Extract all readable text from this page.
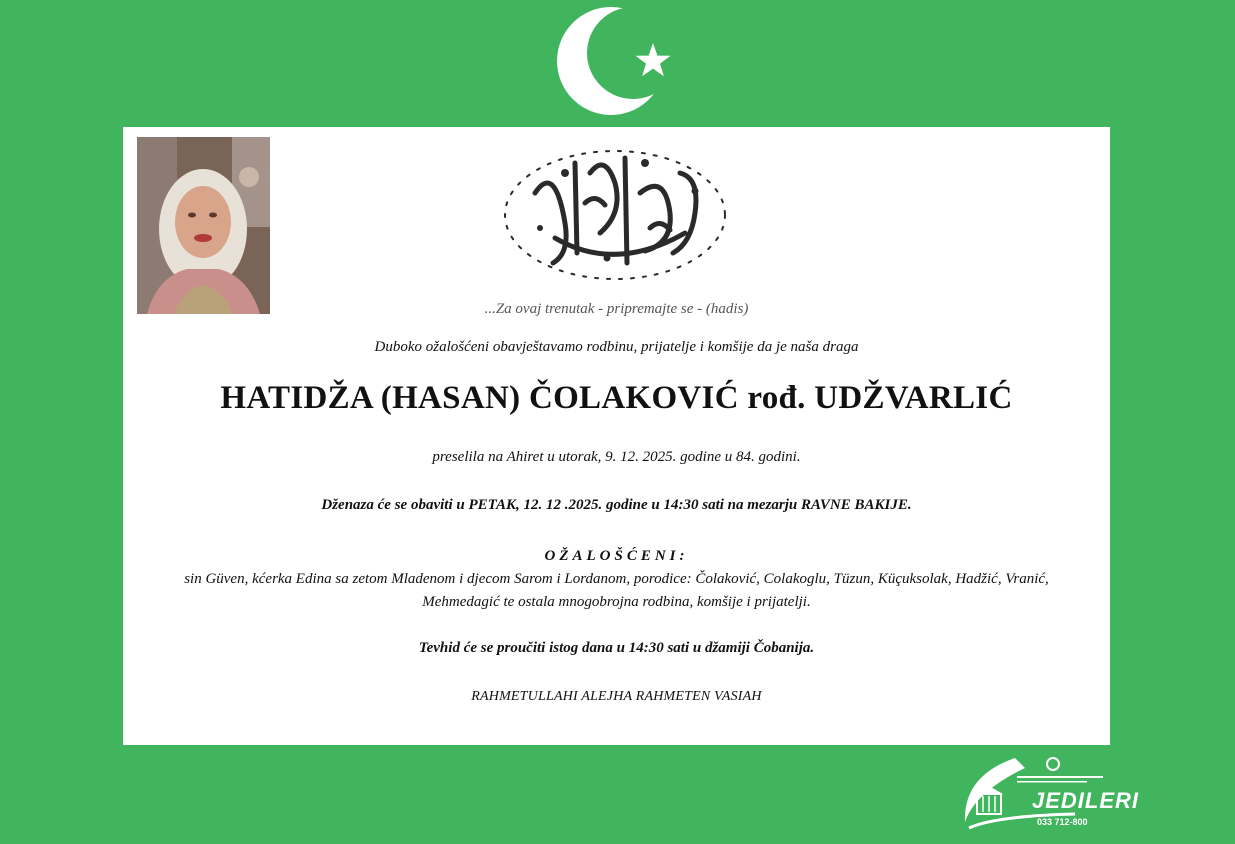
...Za ovaj trenutak - pripremajte se - (hadis)
Duboko ožalošćeni obavještavamo rodbinu, prijatelje i komšije da je naša draga
HATIDŽA (HASAN) ČOLAKOVIĆ rođ. UDŽVARLIĆ
preselila na Ahiret u utorak, 9. 12. 2025. godine u 84. godini.
Dženaza će se obaviti u PETAK, 12. 12 .2025. godine u 14:30 sati na mezarju RAVNE BAKIJE.
OŽALOŠĆENI:
sin Güven, kćerka Edina sa zetom Mladenom i djecom Sarom i Lordanom, porodice: Čolaković, Colakoglu, Tüzun, Küçuksolak, Hadžić, Vranić, Mehmedagić te ostala mnogobrojna rodbina, komšije i prijatelji.
Tevhid će se proučiti istog dana u 14:30 sati u džamiji Čobanija.
RAHMETULLAHI ALEJHA RAHMETEN VASIAH
JEDILERI
033 712-800
